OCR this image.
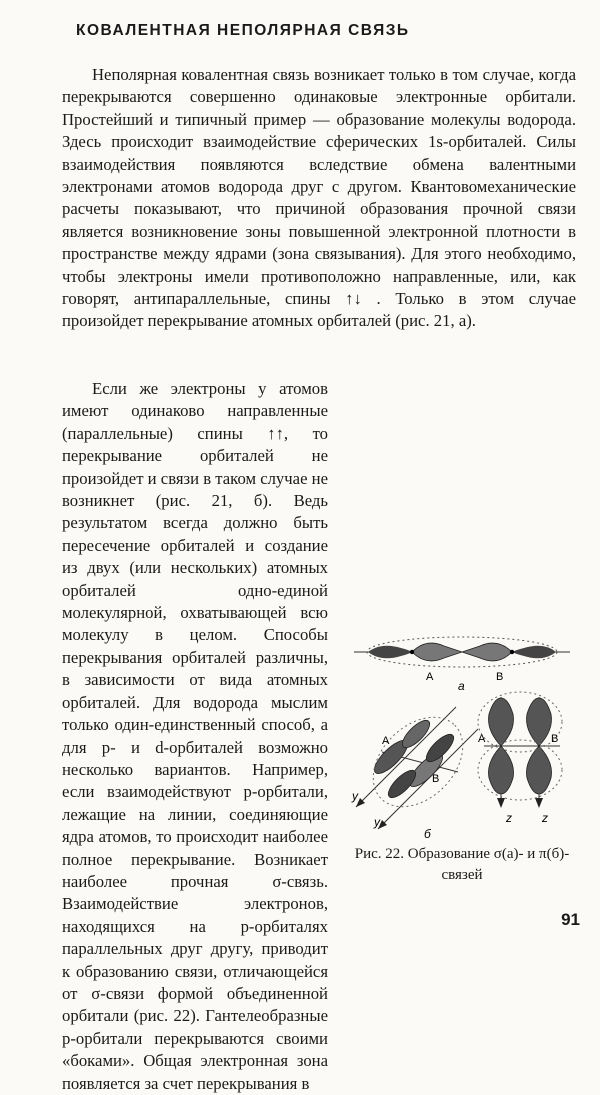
КОВАЛЕНТНАЯ НЕПОЛЯРНАЯ СВЯЗЬ
Неполярная ковалентная связь возникает только в том случае, когда перекрываются совершенно одинаковые электронные орбитали. Простейший и типичный пример — образование молекулы водорода. Здесь происходит взаимодействие сферических 1s-орбиталей. Силы взаимодействия появляются вследствие обмена валентными электронами атомов водорода друг с другом. Квантовомеханические расчеты показывают, что причиной образования прочной связи является возникновение зоны повышенной электронной плотности в пространстве между ядрами (зона связывания). Для этого необходимо, чтобы электроны имели противоположно направленные, или, как говорят, антипараллельные, спины ↑↓ . Только в этом случае произойдет перекрывание атомных орбиталей (рис. 21, а).
Если же электроны у атомов имеют одинаково направленные (параллельные) спины ↑↑, то перекрывание орбиталей не произойдет и связи в таком случае не возникнет (рис. 21, б). Ведь результатом всегда должно быть пересечение орбиталей и создание из двух (или нескольких) атомных орбиталей одно-единой молекулярной, охватывающей всю молекулу в целом. Способы перекрывания орбиталей различны, в зависимости от вида атомных орбиталей. Для водорода мыслим только один-единственный способ, а для p- и d-орбиталей возможно несколько вариантов. Например, если взаимодействуют p-орбитали, лежащие на линии, соединяющие ядра атомов, то происходит наиболее полное перекрывание. Возникает наиболее прочная σ-связь. Взаимодействие электронов, находящихся на p-орбиталях параллельных друг другу, приводит к образованию связи, отличающейся от σ-связи формой объединенной орбитали (рис. 22). Гантелеобразные p-орбитали перекрываются своими «боками». Общая электронная зона появляется за счет перекрывания в
А
а
В
А
В
y
y
б
А	В
z	z
Рис. 22. Образование σ(а)- и π(б)-связей
91
